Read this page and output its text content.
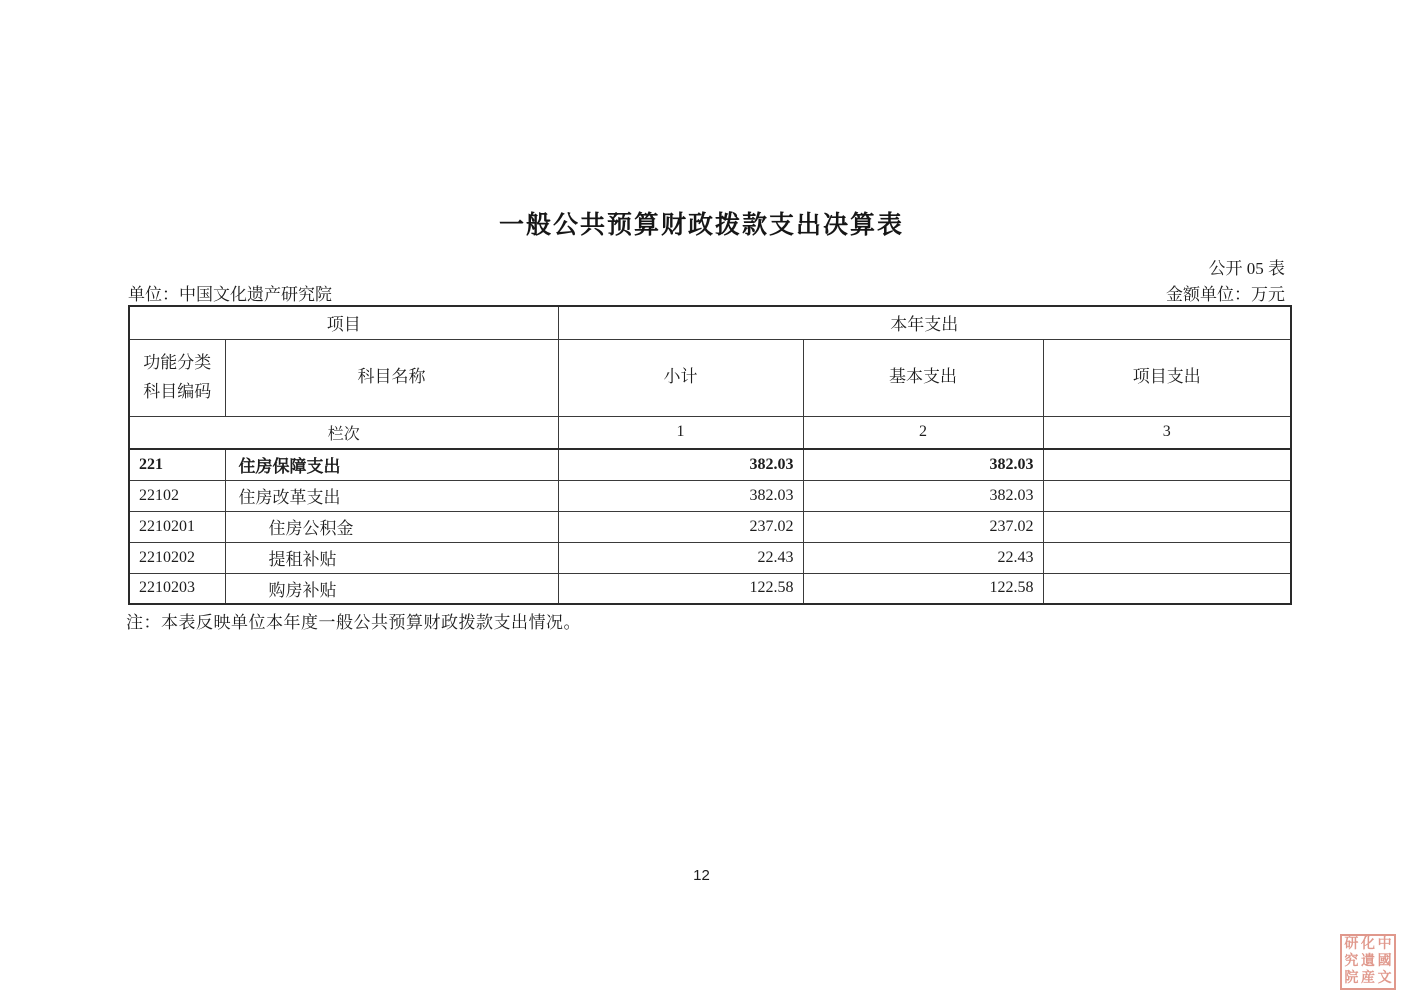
一般公共预算财政拨款支出决算表
公开 05 表
单位：中国文化遗产研究院	金额单位：万元
项目		本年支出		

功能分类
科目编码	科目名称	小计	基本支出	项目支出
栏次		1	2	3
221	住房保障支出	382.03	382.03	
22102	住房改革支出	382.03	382.03	
2210201	住房公积金	237.02	237.02	
2210202	提租补贴	22.43	22.43	
2210203	购房补贴	122.58	122.58	
注：本表反映单位本年度一般公共预算财政拨款支出情况。
12
研 化 中
究 遺 國
院 産 文
